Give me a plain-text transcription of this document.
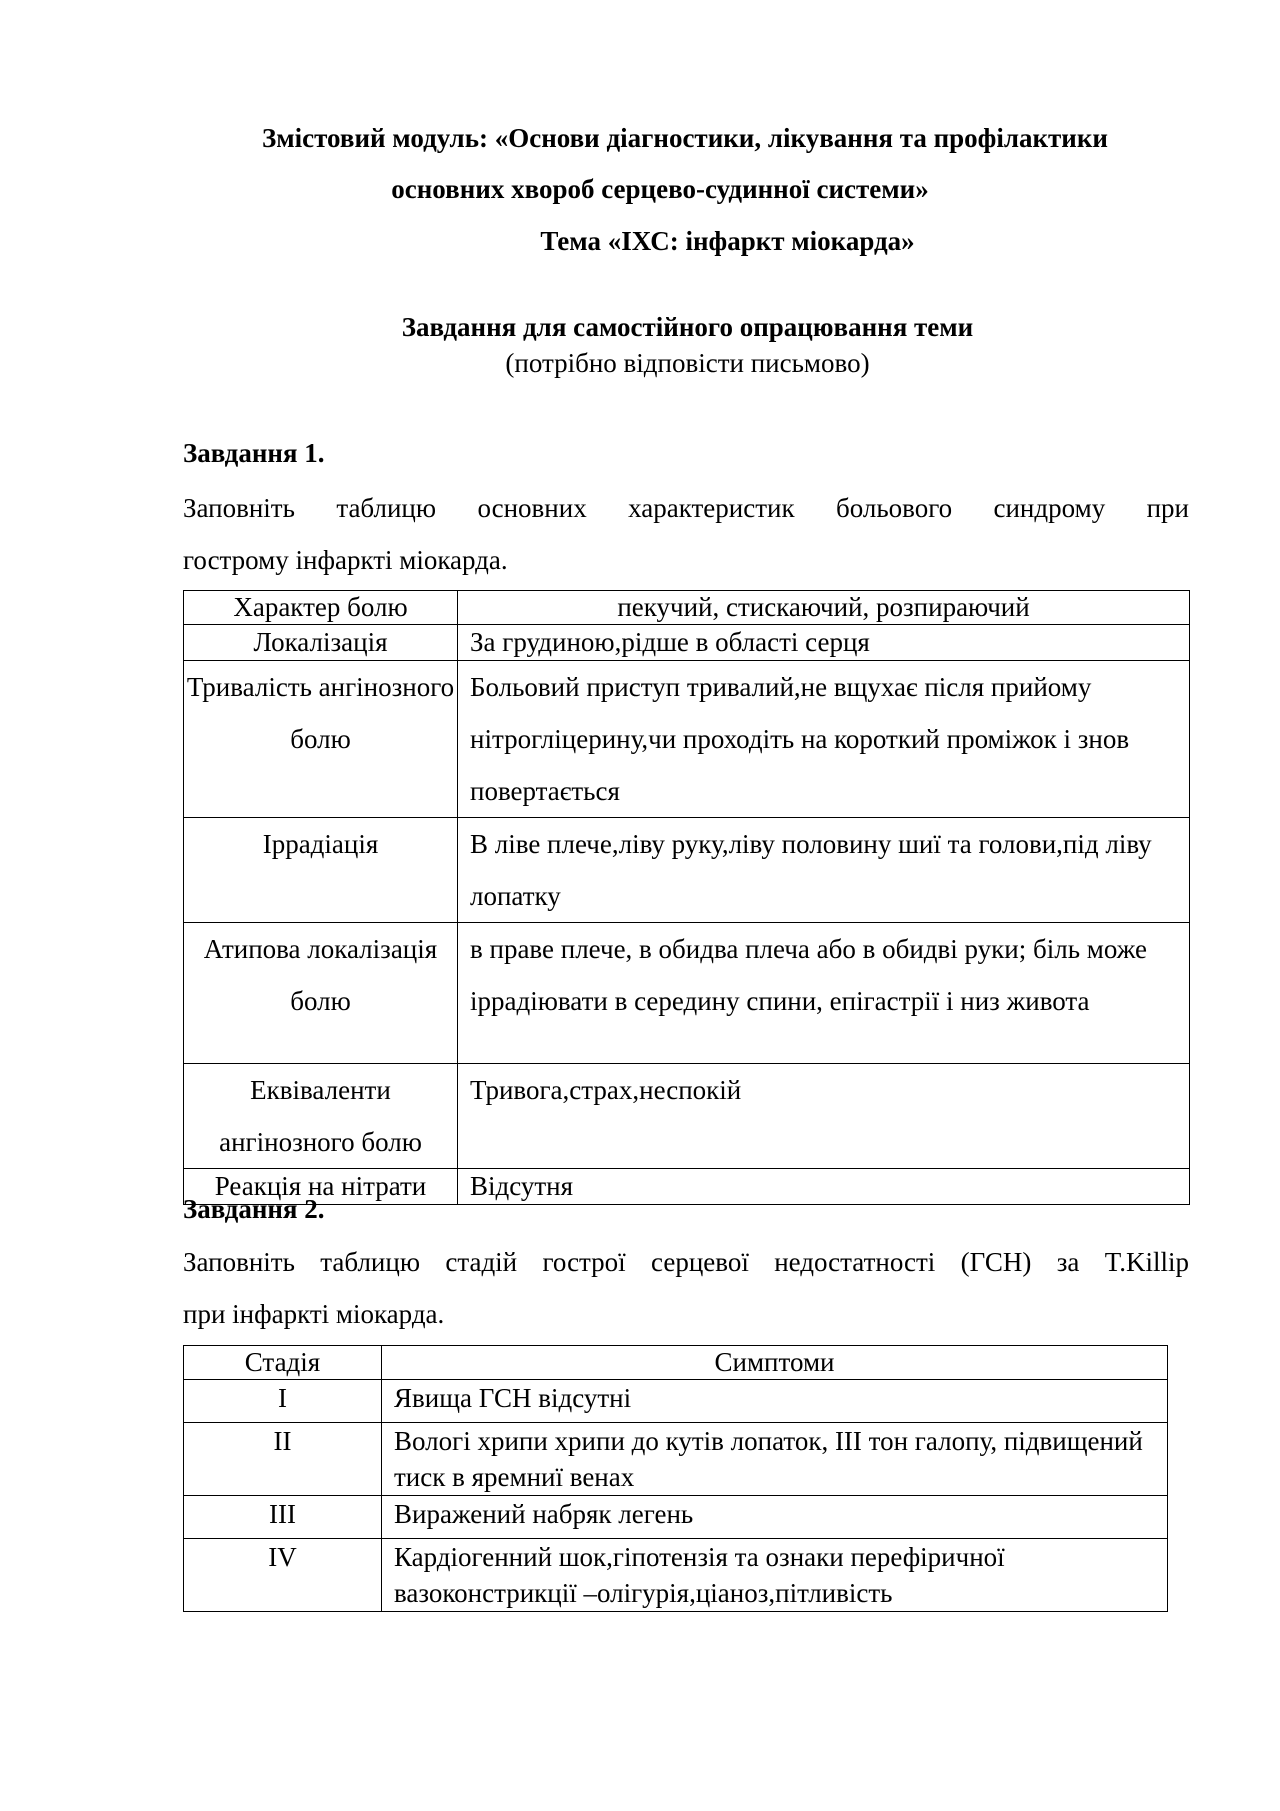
Змістовий модуль: «Основи діагностики, лікування та профілактики
основних хвороб серцево-судинної системи»
Тема «ІХС: інфаркт міокарда»
Завдання для самостійного опрацювання теми
(потрібно відповісти письмово)
Завдання 1.
Заповніть таблицю основних характеристик больового синдрому при
гострому інфаркті міокарда.
Характер болю	пекучий, стискаючий, розпираючий
Локалізація	За грудиною,рідше в області серця
Тривалість ангінозного болю	Больовий приступ тривалий,не вщухає після прийому нітрогліцерину,чи проходіть на короткий проміжок і знов повертається
Іррадіація	В ліве плече,ліву руку,ліву половину шиї та голови,під ліву лопатку
Атипова локалізація болю	в праве плече, в обидва плеча або в обидві руки; біль може іррадіювати в середину спини, епігастрії і низ живота
Еквіваленти ангінозного болю	Тривога,страх,неспокій
Реакція на нітрати	Відсутня
Завдання 2.
Заповніть таблицю стадій гострої серцевої недостатності (ГСН) за T.Killip
при інфаркті міокарда.
Стадія	Симптоми
I	Явища ГСН відсутні
II	Вологі хрипи хрипи до кутів лопаток, ІІІ тон галопу, підвищений тиск в яремниї венах
III	Виражений набряк легень
IV	Кардіогенний шок,гіпотензія та ознаки перефіричної вазоконстрикції –олігурія,ціаноз,пітливість
